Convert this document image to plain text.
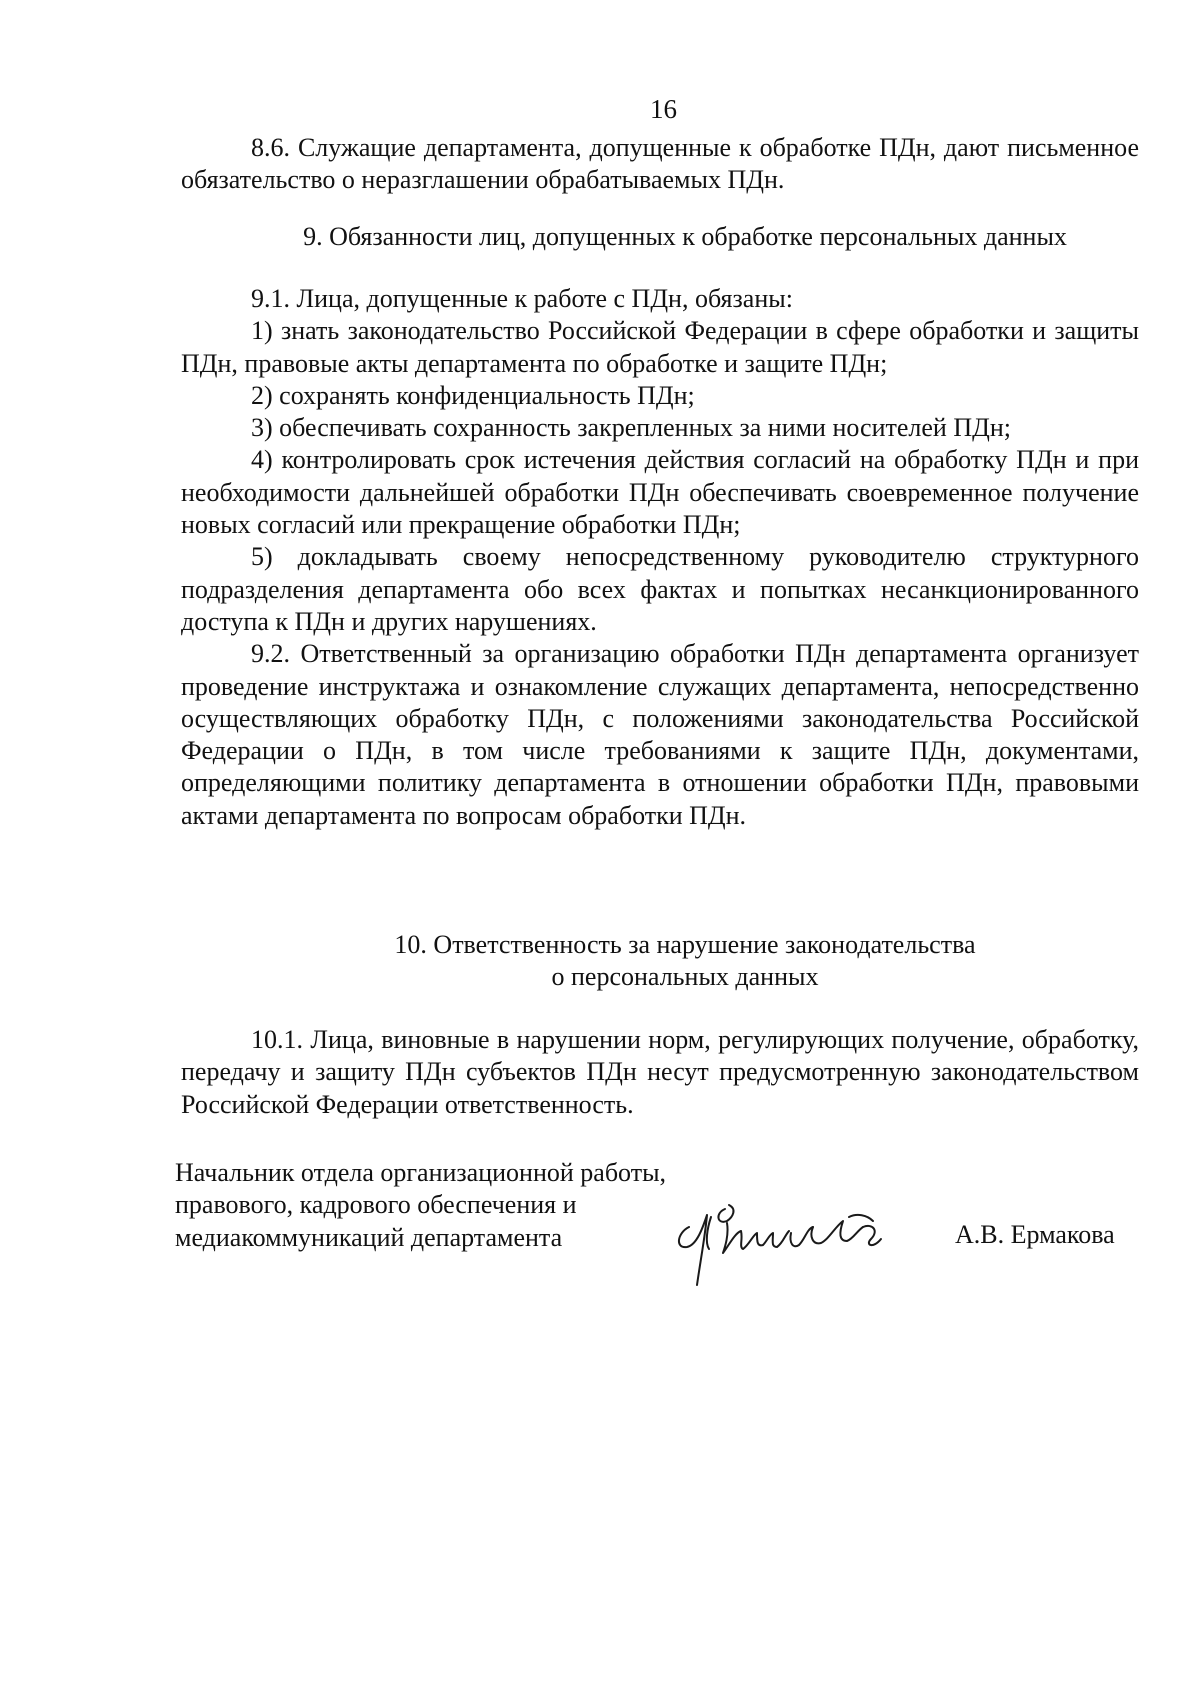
16

8.6. Служащие департамента, допущенные к обработке ПДн, дают письменное обязательство о неразглашении обрабатываемых ПДн.

9. Обязанности лиц, допущенных к обработке персональных данных

9.1. Лица, допущенные к работе с ПДн, обязаны:

1) знать законодательство Российской Федерации в сфере обработки и защиты ПДн, правовые акты департамента по обработке и защите ПДн;

2) сохранять конфиденциальность ПДн;

3) обеспечивать сохранность закрепленных за ними носителей ПДн;

4) контролировать срок истечения действия согласий на обработку ПДн и при необходимости дальнейшей обработки ПДн обеспечивать своевременное получение новых согласий или прекращение обработки ПДн;

5) докладывать своему непосредственному руководителю структурного подразделения департамента обо всех фактах и попытках несанкционированного доступа к ПДн и других нарушениях.

9.2. Ответственный за организацию обработки ПДн департамента организует проведение инструктажа и ознакомление служащих департамента, непосредственно осуществляющих обработку ПДн, с положениями законодательства Российской Федерации о ПДн, в том числе требованиями к защите ПДн, документами, определяющими политику департамента в отношении обработки ПДн, правовыми актами департамента по вопросам обработки ПДн.

10. Ответственность за нарушение законодательства

о персональных данных

10.1. Лица, виновные в нарушении норм, регулирующих получение, обработку, передачу и защиту ПДн субъектов ПДн несут предусмотренную законодательством Российской Федерации ответственность.

Начальник отдела организационной работы,
правового, кадрового обеспечения и
медиакоммуникаций департамента	А.В. Ермакова
